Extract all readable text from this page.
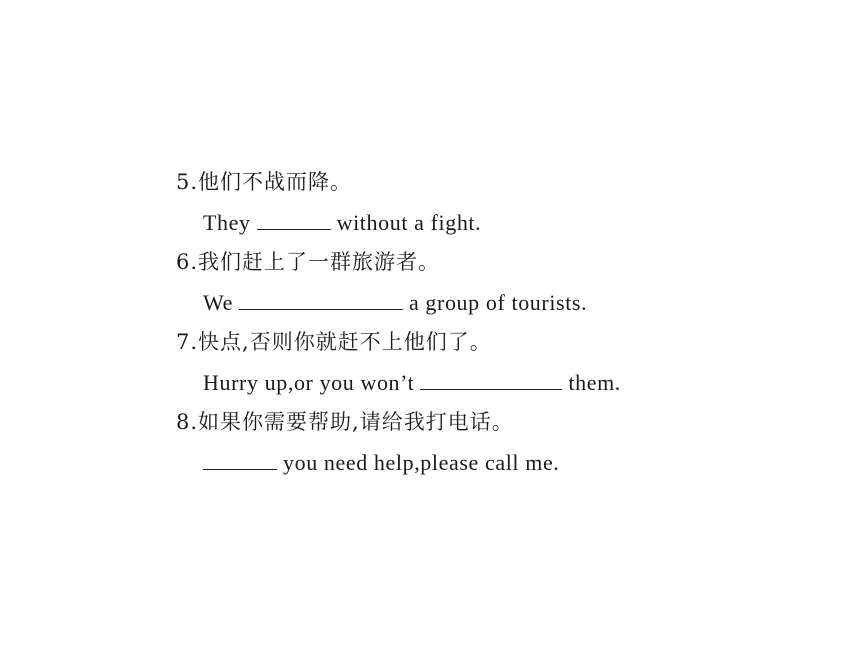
5.他们不战而降。
They	without a fight.
6.我们赶上了一群旅游者。
We	a group of tourists.
7.快点,否则你就赶不上他们了。
Hurry up,or you won’t	them.
8.如果你需要帮助,请给我打电话。
you need help,please call me.
